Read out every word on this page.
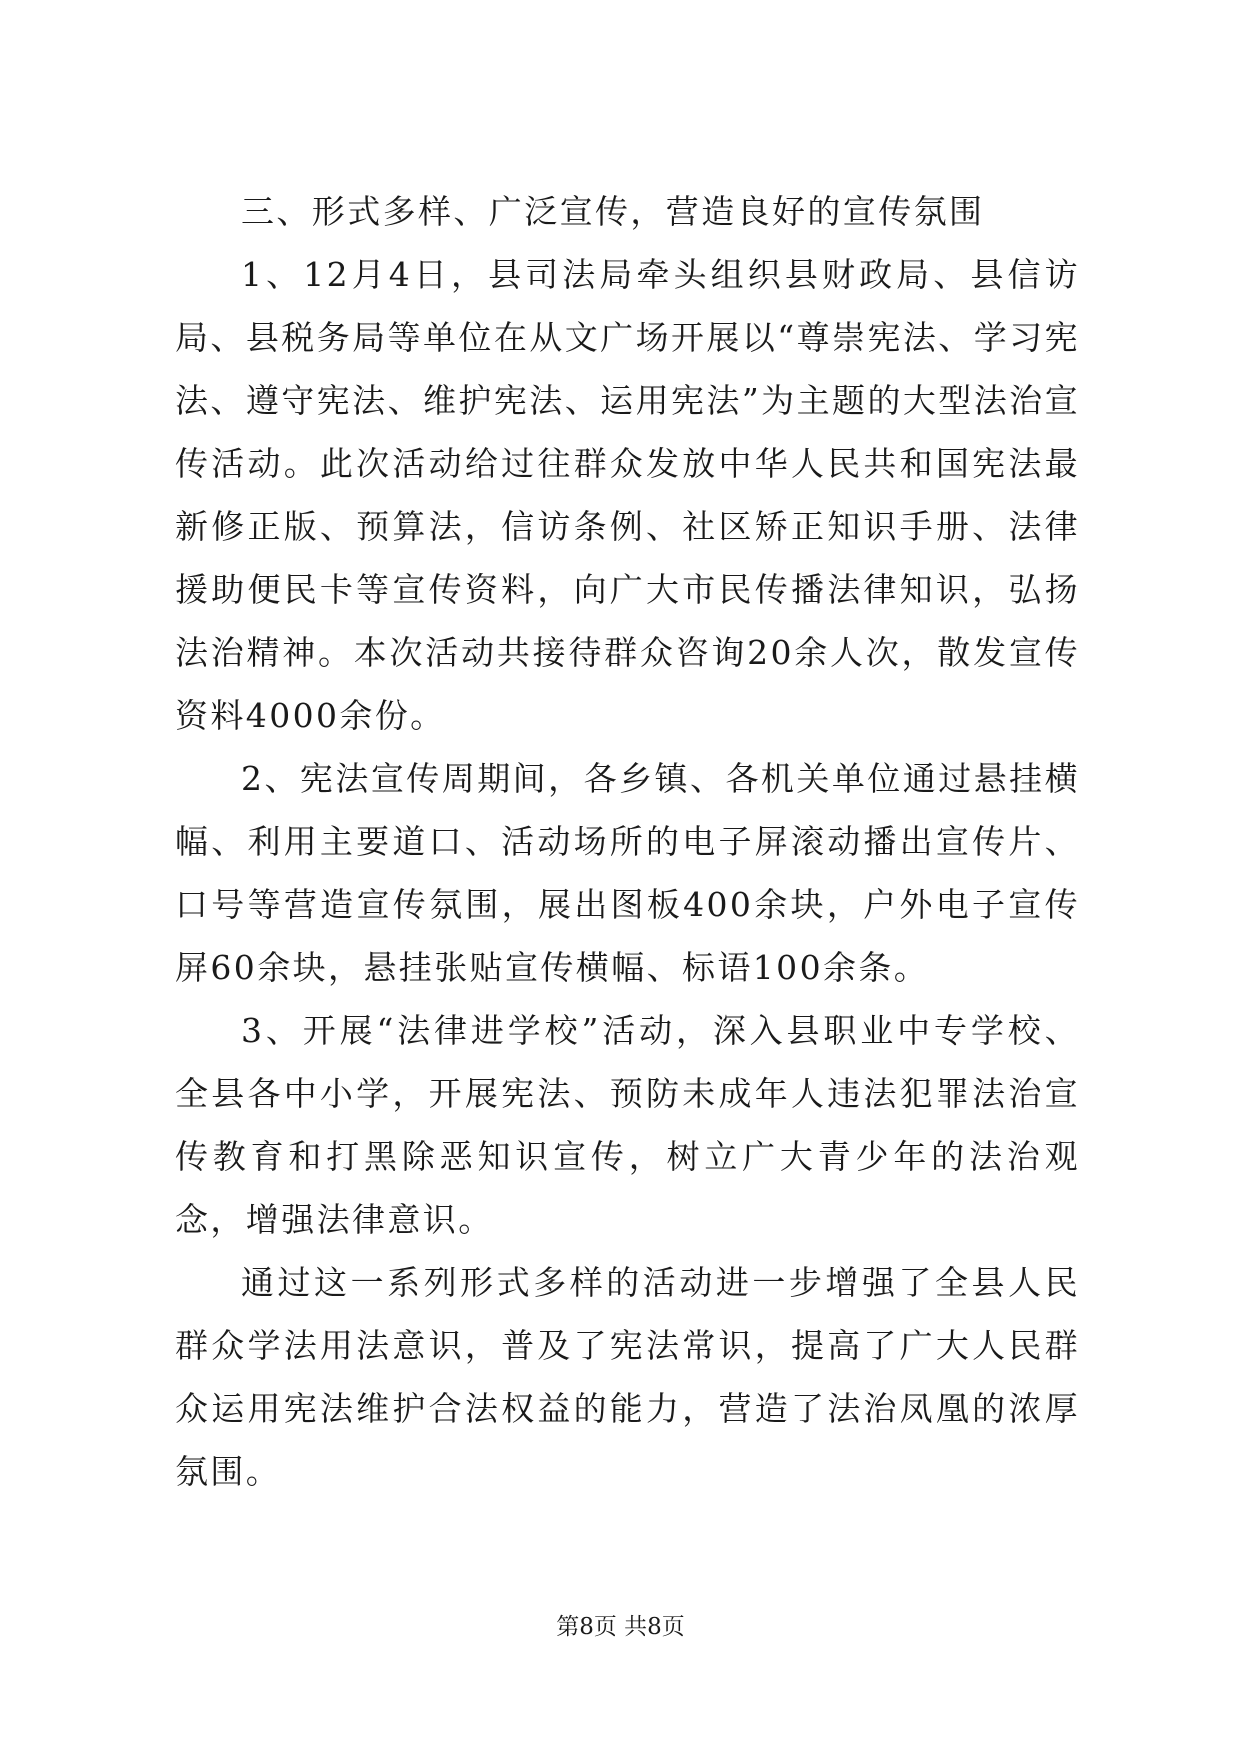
三、形式多样、广泛宣传，营造良好的宣传氛围

1、12月4日，县司法局牵头组织县财政局、县信访局、县税务局等单位在从文广场开展以“尊崇宪法、学习宪法、遵守宪法、维护宪法、运用宪法”为主题的大型法治宣传活动。此次活动给过往群众发放中华人民共和国宪法最新修正版、预算法，信访条例、社区矫正知识手册、法律援助便民卡等宣传资料，向广大市民传播法律知识，弘扬法治精神。本次活动共接待群众咨询20余人次，散发宣传资料4000余份。

2、宪法宣传周期间，各乡镇、各机关单位通过悬挂横幅、利用主要道口、活动场所的电子屏滚动播出宣传片、口号等营造宣传氛围，展出图板400余块，户外电子宣传屏60余块，悬挂张贴宣传横幅、标语100余条。

3、开展“法律进学校”活动，深入县职业中专学校、全县各中小学，开展宪法、预防未成年人违法犯罪法治宣传教育和打黑除恶知识宣传，树立广大青少年的法治观念，增强法律意识。

通过这一系列形式多样的活动进一步增强了全县人民群众学法用法意识，普及了宪法常识，提高了广大人民群众运用宪法维护合法权益的能力，营造了法治凤凰的浓厚氛围。

第8页 共8页
